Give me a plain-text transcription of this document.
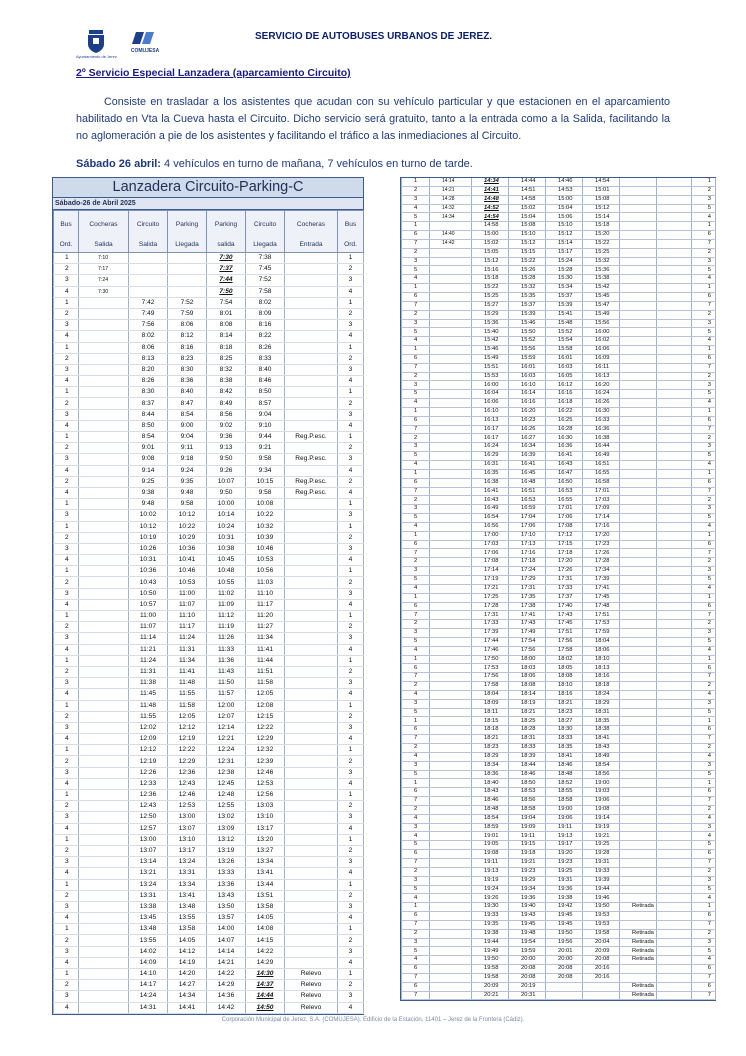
Ayuntamiento de Jerez
COMUJESA
SERVICIO DE AUTOBUSES URBANOS DE JEREZ.
2º Servicio Especial Lanzadera (aparcamiento Circuito)
Consiste en trasladar a los asistentes que acudan con su vehículo particular y que estacionen en el aparcamiento habilitado en Vta la Cueva hasta el Circuito. Dicho servicio será gratuito, tanto a la entrada como a la Salida, facilitando la no aglomeración a pie de los asistentes y facilitando el tráfico a las inmediaciones al Circuito.
Sábado 26 abril: 4 vehículos en turno de mañana, 7 vehículos en turno de tarde.
Lanzadera Circuito-Parking-C
Sábado-26 de Abril 2025
Bus	Cocheras	Circuito	Parking	Parking	Circuito	Cocheras	Bus
Ord.	Salida	Salida	Llegada	salida	Llegada	Entrada	Ord.
1	7:10			7:30	7:38		1
2	7:17			7:37	7:45		2
3	7:24			7:44	7:52		3
4	7:30			7:50	7:58		4
1		7:42	7:52	7:54	8:02		1
2		7:49	7:59	8:01	8:09		2
3		7:56	8:06	8:08	8:16		3
4		8:02	8:12	8:14	8:22		4
1		8:06	8:16	8:18	8:26		1
2		8:13	8:23	8:25	8:33		2
3		8:20	8:30	8:32	8:40		3
4		8:26	8:36	8:38	8:46		4
1		8:30	8:40	8:42	8:50		1
2		8:37	8:47	8:49	8:57		2
3		8:44	8:54	8:56	9:04		3
4		8:50	9:00	9:02	9:10		4
1		8:54	9:04	9:36	9:44	Reg.P.esc.	1
2		9:01	9:11	9:13	9:21		2
3		9:08	9:18	9:50	9:58	Reg.P.esc.	3
4		9:14	9:24	9:26	9:34		4
2		9:25	9:35	10:07	10:15	Reg.P.esc.	2
4		9:38	9:48	9:50	9:58	Reg.P.esc.	4
1		9:48	9:58	10:00	10:08		1
3		10:02	10:12	10:14	10:22		3
1		10:12	10:22	10:24	10:32		1
2		10:19	10:29	10:31	10:39		2
3		10:26	10:36	10:38	10:46		3
4		10:31	10:41	10:45	10:53		4
1		10:36	10:46	10:48	10:56		1
2		10:43	10:53	10:55	11:03		2
3		10:50	11:00	11:02	11:10		3
4		10:57	11:07	11:09	11:17		4
1		11:00	11:10	11:12	11:20		1
2		11:07	11:17	11:19	11:27		2
3		11:14	11:24	11:26	11:34		3
4		11:21	11:31	11:33	11:41		4
1		11:24	11:34	11:36	11:44		1
2		11:31	11:41	11:43	11:51		2
3		11:38	11:48	11:50	11:58		3
4		11:45	11:55	11:57	12:05		4
1		11:48	11:58	12:00	12:08		1
2		11:55	12:05	12:07	12:15		2
3		12:02	12:12	12:14	12:22		3
4		12:09	12:19	12:21	12:29		4
1		12:12	12:22	12:24	12:32		1
2		12:19	12:29	12:31	12:39		2
3		12:26	12:36	12:38	12:46		3
4		12:33	12:43	12:45	12:53		4
1		12:36	12:46	12:48	12:56		1
2		12:43	12:53	12:55	13:03		2
3		12:50	13:00	13:02	13:10		3
4		12:57	13:07	13:09	13:17		4
1		13:00	13:10	13:12	13:20		1
2		13:07	13:17	13:19	13:27		2
3		13:14	13:24	13:26	13:34		3
4		13:21	13:31	13:33	13:41		4
1		13:24	13:34	13:36	13:44		1
2		13:31	13:41	13:43	13:51		2
3		13:38	13:48	13:50	13:58		3
4		13:45	13:55	13:57	14:05		4
1		13:48	13:58	14:00	14:08		1
2		13:55	14:05	14:07	14:15		2
3		14:02	14:12	14:14	14:22		3
4		14:09	14:19	14:21	14:29		4
1		14:10	14:20	14:22	14:30	Relevo	1
2		14:17	14:27	14:29	14:37	Relevo	2
3		14:24	14:34	14:36	14:44	Relevo	3
4		14:31	14:41	14:42	14:50	Relevo	4
1	14:14	14:34	14:44	14:46	14:54			1
2	14:21	14:41	14:51	14:53	15:01			2
3	14:28	14:48	14:58	15:00	15:08			3
4	14:32	14:52	15:02	15:04	15:12			5
5	14:34	14:54	15:04	15:06	15:14			4
1		14:58	15:08	15:10	15:18			1
6	14:40	15:00	15:10	15:12	15:20			6
7	14:42	15:02	15:12	15:14	15:22			7
2		15:05	15:15	15:17	15:25			2
3		15:12	15:22	15:24	15:32			3
5		15:16	15:26	15:28	15:36			5
4		15:18	15:28	15:30	15:38			4
1		15:22	15:32	15:34	15:42			1
6		15:25	15:35	15:37	15:45			6
7		15:27	15:37	15:39	15:47			7
2		15:29	15:39	15:41	15:49			2
3		15:36	15:46	15:48	15:56			3
5		15:40	15:50	15:52	16:00			5
4		15:42	15:52	15:54	16:02			4
1		15:46	15:56	15:58	16:06			1
6		15:49	15:59	16:01	16:09			6
7		15:51	16:01	16:03	16:11			7
2		15:53	16:03	16:05	16:13			2
3		16:00	16:10	16:12	16:20			3
5		16:04	16:14	16:16	16:24			5
4		16:06	16:16	16:18	16:26			4
1		16:10	16:20	16:22	16:30			1
6		16:13	16:23	16:25	16:33			6
7		16:17	16:26	16:28	16:36			7
2		16:17	16:27	16:30	16:38			2
3		16:24	16:34	16:36	16:44			3
5		16:29	16:39	16:41	16:49			5
4		16:31	16:41	16:43	16:51			4
1		16:35	16:45	16:47	16:55			1
6		16:38	16:48	16:50	16:58			6
7		16:41	16:51	16:53	17:01			7
2		16:43	16:53	16:55	17:03			2
3		16:49	16:59	17:01	17:09			3
5		16:54	17:04	17:06	17:14			5
4		16:56	17:06	17:08	17:16			4
1		17:00	17:10	17:12	17:20			1
6		17:03	17:13	17:15	17:23			6
7		17:06	17:16	17:18	17:26			7
2		17:08	17:18	17:20	17:28			2
3		17:14	17:24	17:26	17:34			3
5		17:19	17:29	17:31	17:39			5
4		17:21	17:31	17:33	17:41			4
1		17:25	17:35	17:37	17:45			1
6		17:28	17:38	17:40	17:48			6
7		17:31	17:41	17:43	17:51			7
2		17:33	17:43	17:45	17:53			2
3		17:39	17:49	17:51	17:59			3
5		17:44	17:54	17:56	18:04			5
4		17:46	17:56	17:58	18:06			4
1		17:50	18:00	18:02	18:10			1
6		17:53	18:03	18:05	18:13			6
7		17:56	18:06	18:08	18:16			7
2		17:58	18:08	18:10	18:18			2
4		18:04	18:14	18:16	18:24			4
3		18:09	18:19	18:21	18:29			3
5		18:11	18:21	18:23	18:31			5
1		18:15	18:25	18:27	18:35			1
6		18:18	18:28	18:30	18:38			6
7		18:21	18:31	18:33	18:41			7
2		18:23	18:33	18:35	18:43			2
4		18:29	18:39	18:41	18:49			4
3		18:34	18:44	18:46	18:54			3
5		18:36	18:46	18:48	18:56			5
1		18:40	18:50	18:52	19:00			1
6		18:43	18:53	18:55	19:03			6
7		18:46	18:56	18:58	19:06			7
2		18:48	18:58	19:00	19:08			2
4		18:54	19:04	19:06	19:14			4
3		18:59	19:09	19:11	19:19			3
4		19:01	19:11	19:13	19:21			4
5		19:05	19:15	19:17	19:25			5
6		19:08	19:18	19:20	19:28			6
7		19:11	19:21	19:23	19:31			7
2		19:13	19:23	19:25	19:33			2
3		19:19	19:29	19:31	19:39			3
5		19:24	19:34	19:36	19:44			5
4		19:26	19:36	19:38	19:46			4
1		19:30	19:40	19:42	19:50	Retirada		1
6		19:33	19:43	19:45	19:53			6
7		19:35	19:45	19:45	19:53			7
2		19:38	19:48	19:50	19:58	Retirada		2
3		19:44	19:54	19:56	20:04	Retirada		3
5		19:49	19:59	20:01	20:09	Retirada		5
4		19:50	20:00	20:00	20:08	Retirada		4
6		19:58	20:08	20:08	20:16			6
7		19:58	20:08	20:08	20:16			7
6		20:09	20:19			Retirada		6
7		20:21	20:31			Retirada		7
Corporación Municipal de Jerez, S.A. (COMUJESA). Edificio de la Estación, 11401 – Jerez de la Frontera (Cádiz).
